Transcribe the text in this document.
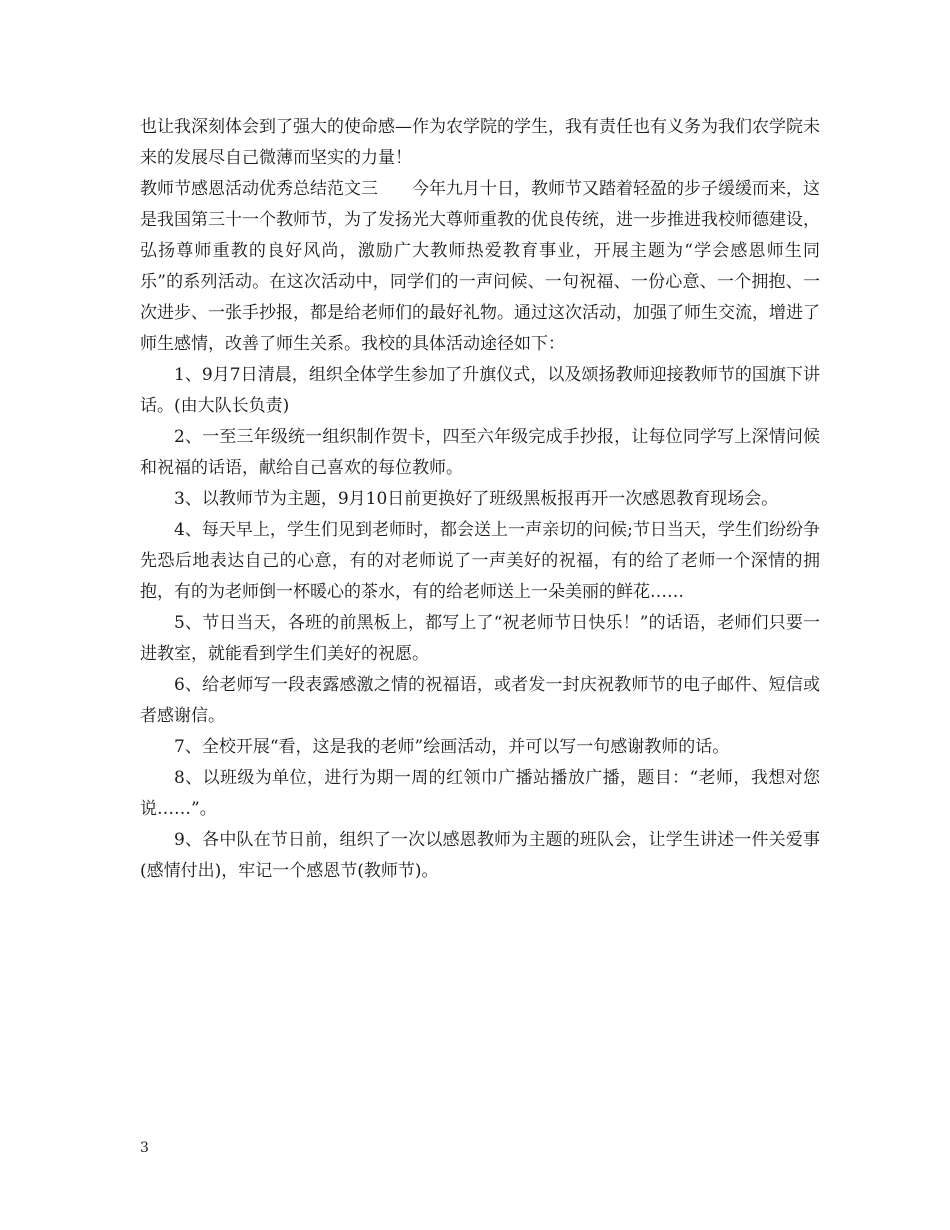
也让我深刻体会到了强大的使命感—作为农学院的学生，我有责任也有义务为我们农学院未来的发展尽自己微薄而坚实的力量！

教师节感恩活动优秀总结范文三　　今年九月十日，教师节又踏着轻盈的步子缓缓而来，这是我国第三十一个教师节，为了发扬光大尊师重教的优良传统，进一步推进我校师德建设，弘扬尊师重教的良好风尚，激励广大教师热爱教育事业，开展主题为“学会感恩师生同乐”的系列活动。在这次活动中，同学们的一声问候、一句祝福、一份心意、一个拥抱、一次进步、一张手抄报，都是给老师们的最好礼物。通过这次活动，加强了师生交流，增进了师生感情，改善了师生关系。我校的具体活动途径如下：

1、9月7日清晨，组织全体学生参加了升旗仪式，以及颂扬教师迎接教师节的国旗下讲话。(由大队长负责)

2、一至三年级统一组织制作贺卡，四至六年级完成手抄报，让每位同学写上深情问候和祝福的话语，献给自己喜欢的每位教师。

3、以教师节为主题，9月10日前更换好了班级黑板报再开一次感恩教育现场会。

4、每天早上，学生们见到老师时，都会送上一声亲切的问候;节日当天，学生们纷纷争先恐后地表达自己的心意，有的对老师说了一声美好的祝福，有的给了老师一个深情的拥抱，有的为老师倒一杯暖心的茶水，有的给老师送上一朵美丽的鲜花……

5、节日当天，各班的前黑板上，都写上了“祝老师节日快乐！”的话语，老师们只要一进教室，就能看到学生们美好的祝愿。

6、给老师写一段表露感激之情的祝福语，或者发一封庆祝教师节的电子邮件、短信或者感谢信。

7、全校开展“看，这是我的老师”绘画活动，并可以写一句感谢教师的话。

8、以班级为单位，进行为期一周的红领巾广播站播放广播，题目：“老师，我想对您说……”。

9、各中队在节日前，组织了一次以感恩教师为主题的班队会，让学生讲述一件关爱事(感情付出)，牢记一个感恩节(教师节)。

3
